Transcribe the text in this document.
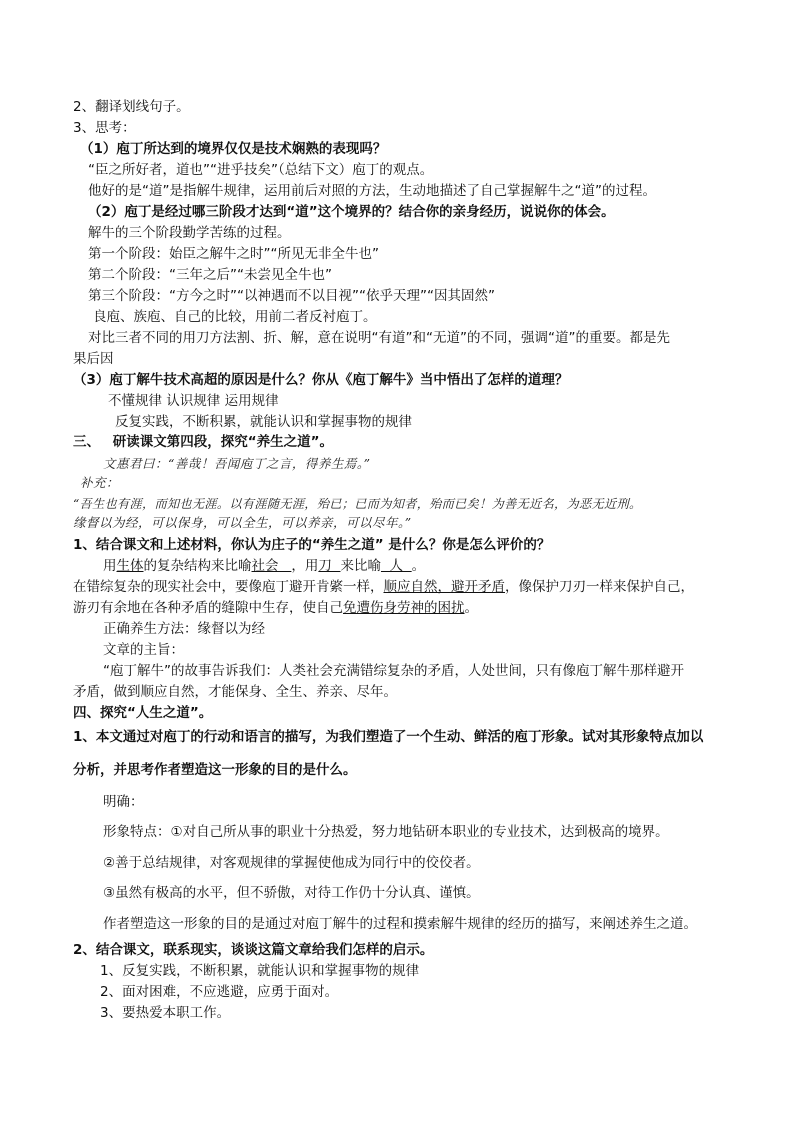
2、翻译划线句子。
3、思考：
（1）庖丁所达到的境界仅仅是技术娴熟的表现吗？
“臣之所好者，道也”“进乎技矣”（总结下文）庖丁的观点。
他好的是“道”是指解牛规律，运用前后对照的方法，生动地描述了自己掌握解牛之“道”的过程。
（2）庖丁是经过哪三阶段才达到“道”这个境界的？结合你的亲身经历，说说你的体会。
解牛的三个阶段勤学苦练的过程。
第一个阶段：始臣之解牛之时”“所见无非全牛也”
第二个阶段：“三年之后”“未尝见全牛也”
第三个阶段：“方今之时”“以神遇而不以目视”“依乎天理”“因其固然”
良庖、族庖、自己的比较，用前二者反衬庖丁。
对比三者不同的用刀方法割、折、解，意在说明“有道”和“无道”的不同，强调“道”的重要。都是先
果后因
（3）庖丁解牛技术高超的原因是什么？你从《庖丁解牛》当中悟出了怎样的道理？
不懂规律 认识规律 运用规律
反复实践，不断积累，就能认识和掌握事物的规律
三、 研读课文第四段，探究“养生之道”。
文惠君曰：“善哉！吾闻庖丁之言，得养生焉。”
补充：
“吾生也有涯，而知也无涯。以有涯随无涯，殆已；已而为知者，殆而已矣！为善无近名，为恶无近刑。
缘督以为经，可以保身，可以全生，可以养亲，可以尽年。”
1、结合课文和上述材料，你认为庄子的“养生之道” 是什么？你是怎么评价的？
用生体的复杂结构来比喻社会   ，用刀  来比喻  人  。
在错综复杂的现实社会中，要像庖丁避开肯綮一样，顺应自然，避开矛盾，像保护刀刃一样来保护自己，
游刃有余地在各种矛盾的缝隙中生存，使自己免遭伤身劳神的困扰。
正确养生方法：缘督以为经
文章的主旨：
“庖丁解牛”的故事告诉我们：人类社会充满错综复杂的矛盾，人处世间，只有像庖丁解牛那样避开
矛盾，做到顺应自然，才能保身、全生、养亲、尽年。
四、探究“人生之道”。
1、本文通过对庖丁的行动和语言的描写，为我们塑造了一个生动、鲜活的庖丁形象。试对其形象特点加以
分析，并思考作者塑造这一形象的目的是什么。
明确：
形象特点：①对自己所从事的职业十分热爱，努力地钻研本职业的专业技术，达到极高的境界。
②善于总结规律，对客观规律的掌握使他成为同行中的佼佼者。
③虽然有极高的水平，但不骄傲，对待工作仍十分认真、谨慎。
作者塑造这一形象的目的是通过对庖丁解牛的过程和摸索解牛规律的经历的描写，来阐述养生之道。
2、结合课文，联系现实，谈谈这篇文章给我们怎样的启示。
1、反复实践，不断积累，就能认识和掌握事物的规律
2、面对困难，不应逃避，应勇于面对。
3、要热爱本职工作。
